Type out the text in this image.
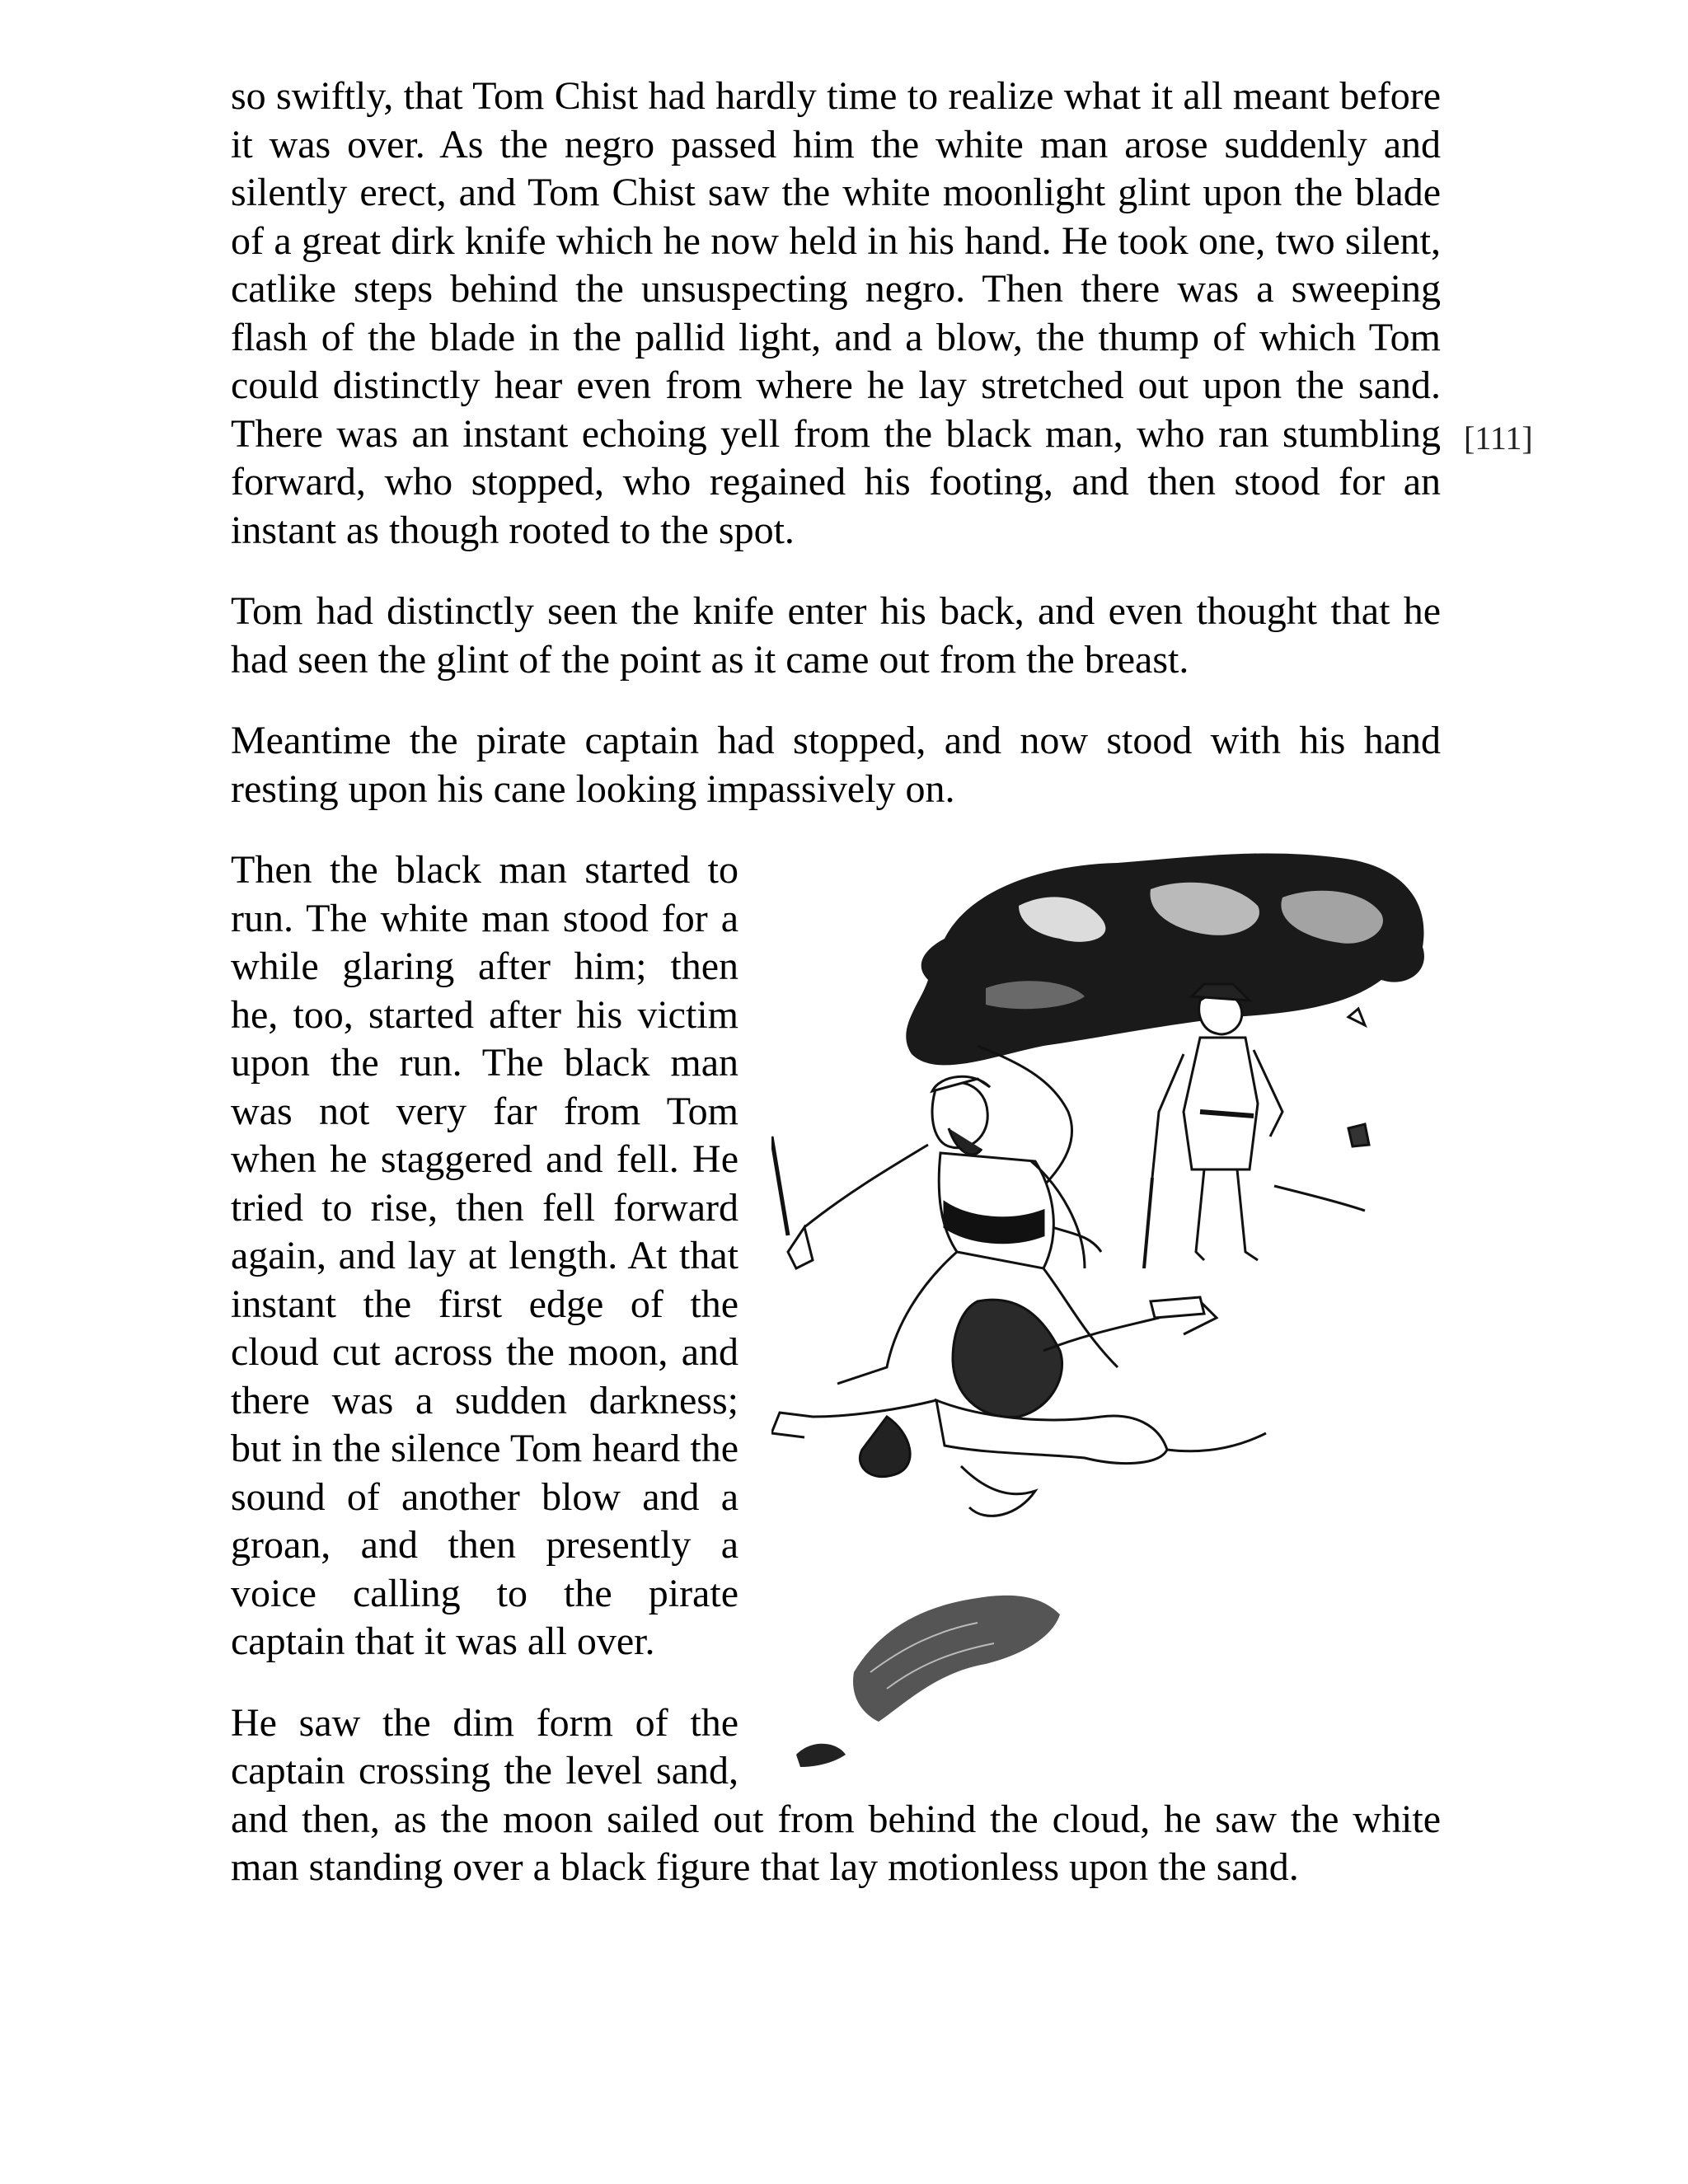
[111]

so swiftly, that Tom Chist had hardly time to realize what it all meant before it was over. As the negro passed him the white man arose suddenly and silently erect, and Tom Chist saw the white moonlight glint upon the blade of a great dirk knife which he now held in his hand. He took one, two silent, catlike steps behind the unsuspecting negro. Then there was a sweeping flash of the blade in the pallid light, and a blow, the thump of which Tom could distinctly hear even from where he lay stretched out upon the sand. There was an instant echoing yell from the black man, who ran stumbling forward, who stopped, who regained his footing, and then stood for an instant as though rooted to the spot.

Tom had distinctly seen the knife enter his back, and even thought that he had seen the glint of the point as it came out from the breast.

Meantime the pirate captain had stopped, and now stood with his hand resting upon his cane looking impassively on.

Then the black man started to run. The white man stood for a while glaring after him; then he, too, started after his victim upon the run. The black man was not very far from Tom when he staggered and fell. He tried to rise, then fell forward again, and lay at length. At that instant the first edge of the cloud cut across the moon, and there was a sudden darkness; but in the silence Tom heard the sound of another blow and a groan, and then presently a voice calling to the pirate captain that it was all over.

He saw the dim form of the captain crossing the level sand, and then, as the moon sailed out from behind the cloud, he saw the white man standing over a black figure that lay motionless upon the sand.
